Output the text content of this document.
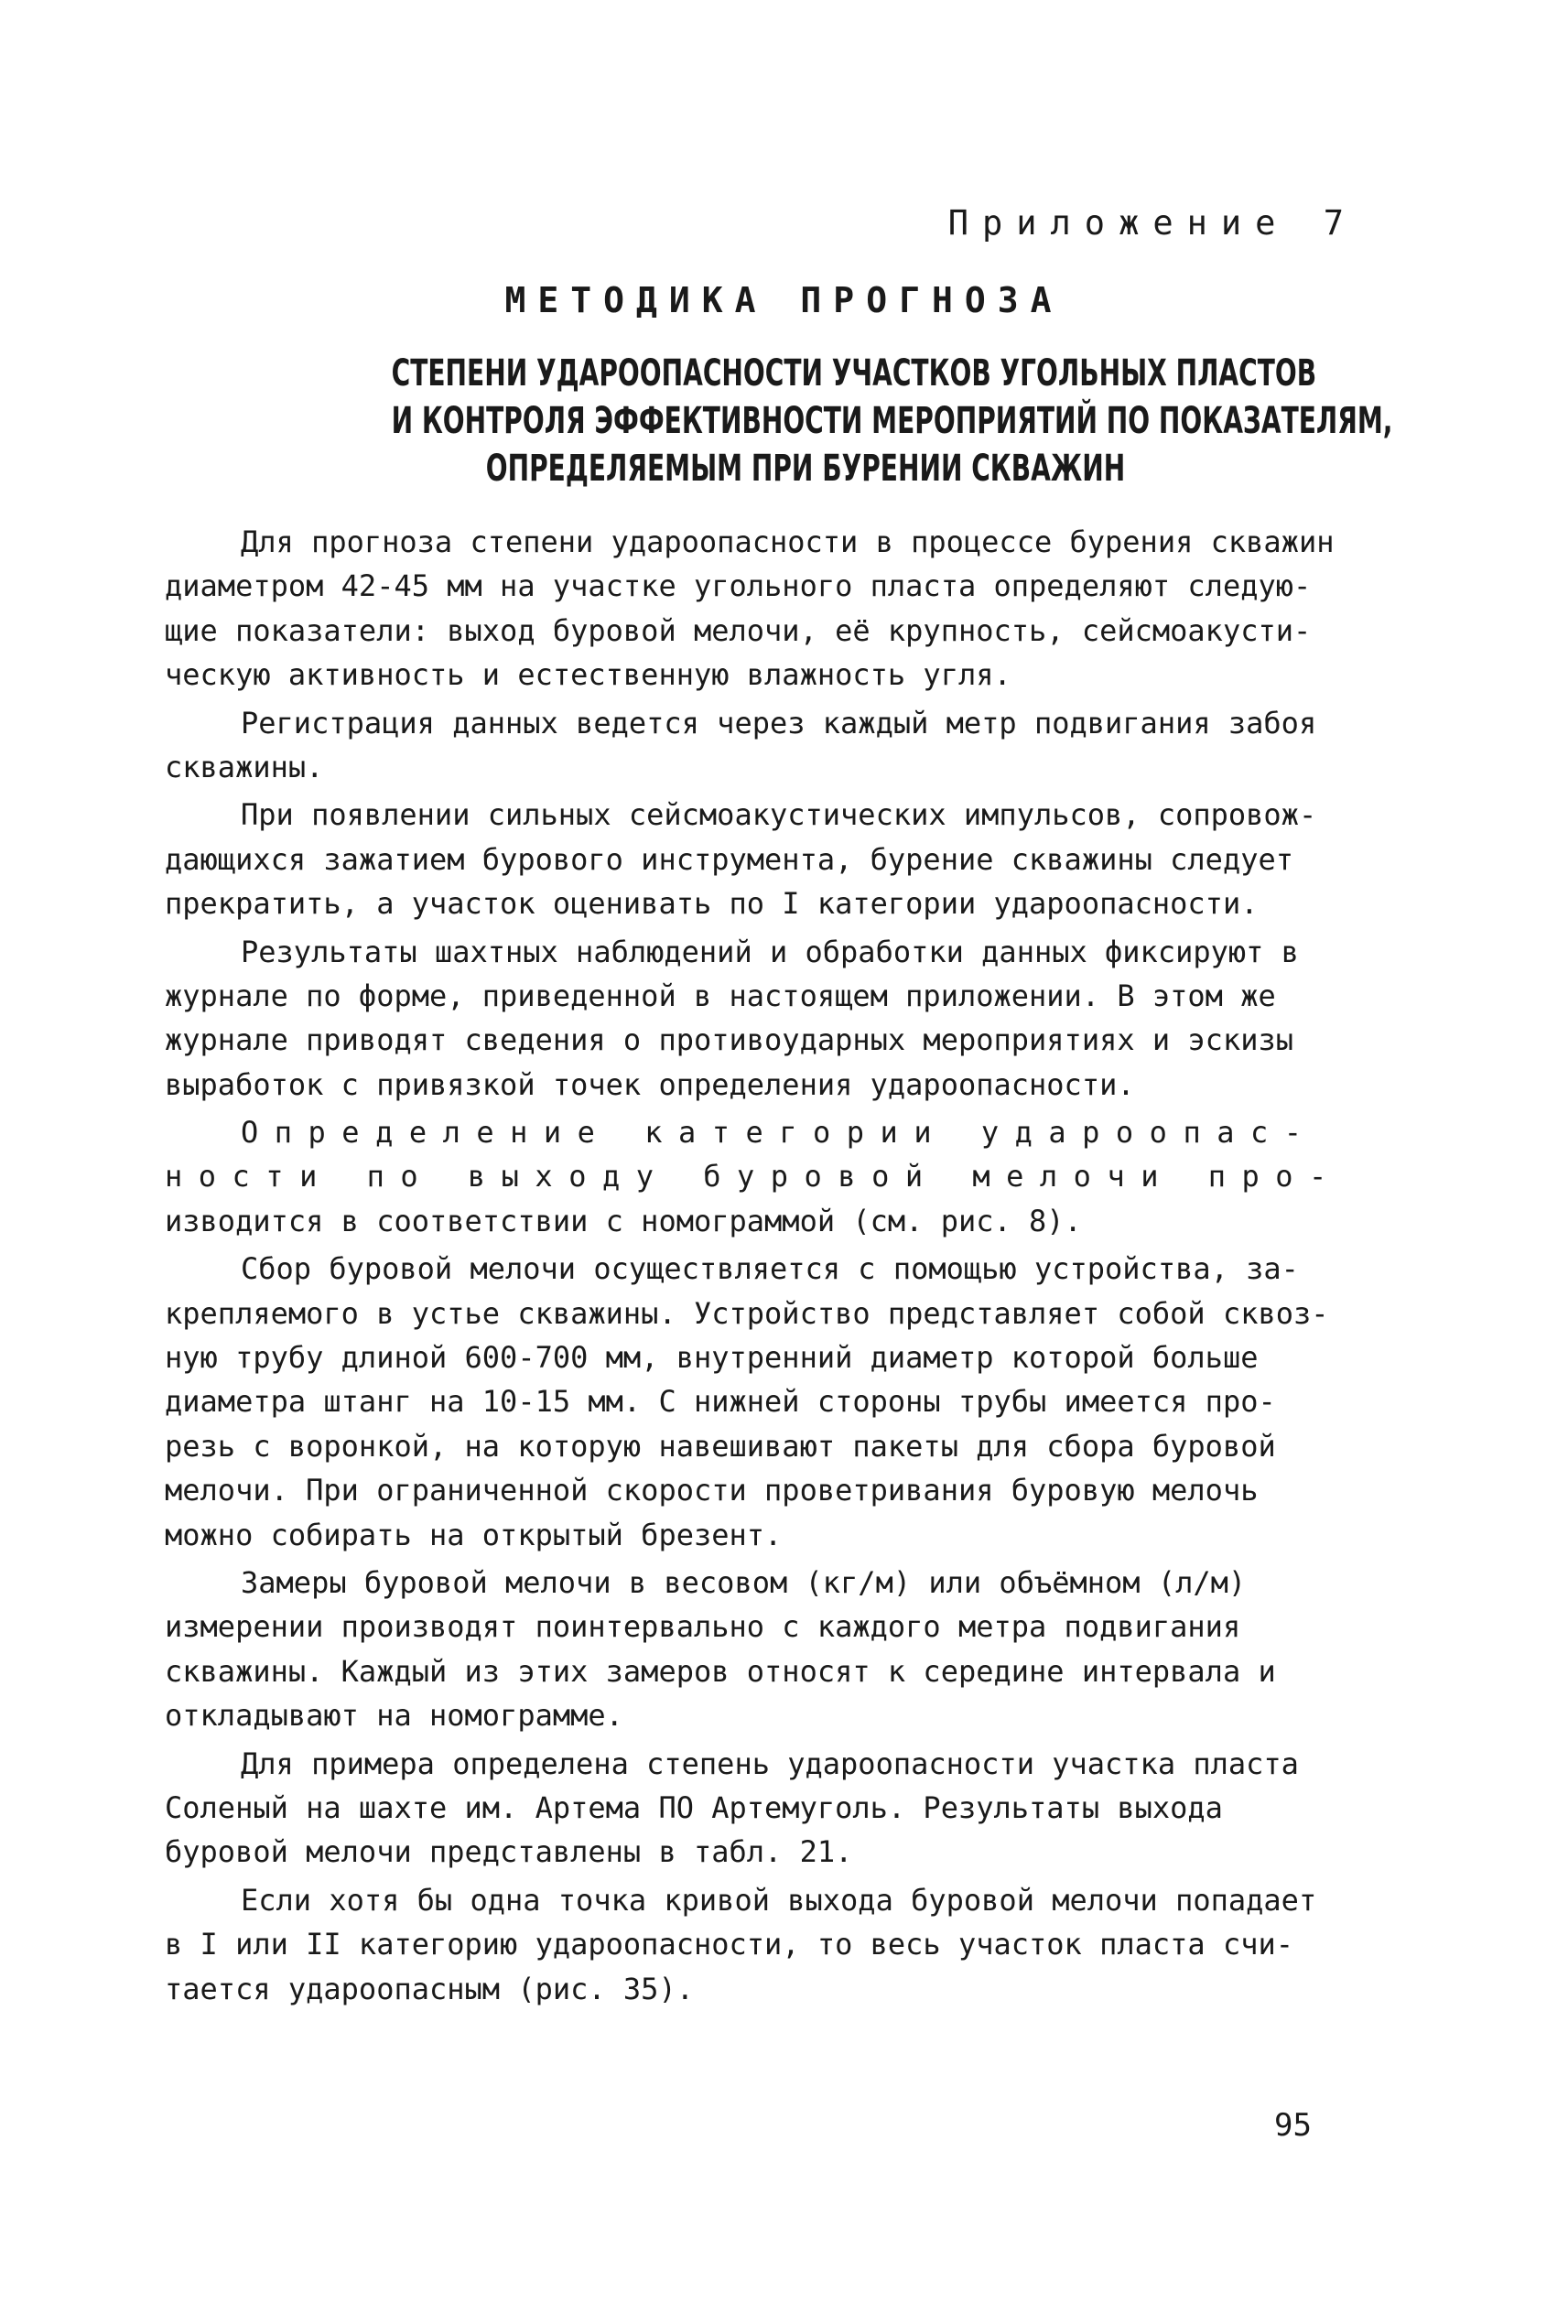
Приложение 7
МЕТОДИКА ПРОГНОЗА
СТЕПЕНИ УДАРООПАСНОСТИ УЧАСТКОВ УГОЛЬНЫХ ПЛАСТОВ
И КОНТРОЛЯ ЭФФЕКТИВНОСТИ МЕРОПРИЯТИЙ ПО ПОКАЗАТЕЛЯМ,
ОПРЕДЕЛЯЕМЫМ ПРИ БУРЕНИИ СКВАЖИН
Для прогноза степени удароопасности в процессе бурения скважин
диаметром 42-45 мм на участке угольного пласта определяют следую-
щие показатели: выход буровой мелочи, её крупность, сейсмоакусти-
ческую активность и естественную влажность угля.
Регистрация данных ведется через каждый метр подвигания забоя
скважины.
При появлении сильных сейсмоакустических импульсов, сопровож-
дающихся зажатием бурового инструмента, бурение скважины следует
прекратить, а участок оценивать по I категории удароопасности.
Результаты шахтных наблюдений и обработки данных фиксируют в
журнале по форме, приведенной в настоящем приложении. В этом же
журнале приводят сведения о противоударных мероприятиях и эскизы
выработок с привязкой точек определения удароопасности.
Определение категории удароопас-
ности по выходу буровой мелочи про-
изводится в соответствии с номограммой (см. рис. 8).
Сбор буровой мелочи осуществляется с помощью устройства, за-
крепляемого в устье скважины. Устройство представляет собой сквоз-
ную трубу длиной 600-700 мм, внутренний диаметр которой больше
диаметра штанг на 10-15 мм. С нижней стороны трубы имеется про-
резь с воронкой, на которую навешивают пакеты для сбора буровой
мелочи. При ограниченной скорости проветривания буровую мелочь
можно собирать на открытый брезент.
Замеры буровой мелочи в весовом (кг/м) или объёмном (л/м)
измерении производят поинтервально с каждого метра подвигания
скважины. Каждый из этих замеров относят к середине интервала и
откладывают на номограмме.
Для примера определена степень удароопасности участка пласта
Соленый на шахте им. Артема ПО Артемуголь. Результаты выхода
буровой мелочи представлены в табл. 21.
Если хотя бы одна точка кривой выхода буровой мелочи попадает
в I или II категорию удароопасности, то весь участок пласта счи-
тается удароопасным (рис. 35).
95
